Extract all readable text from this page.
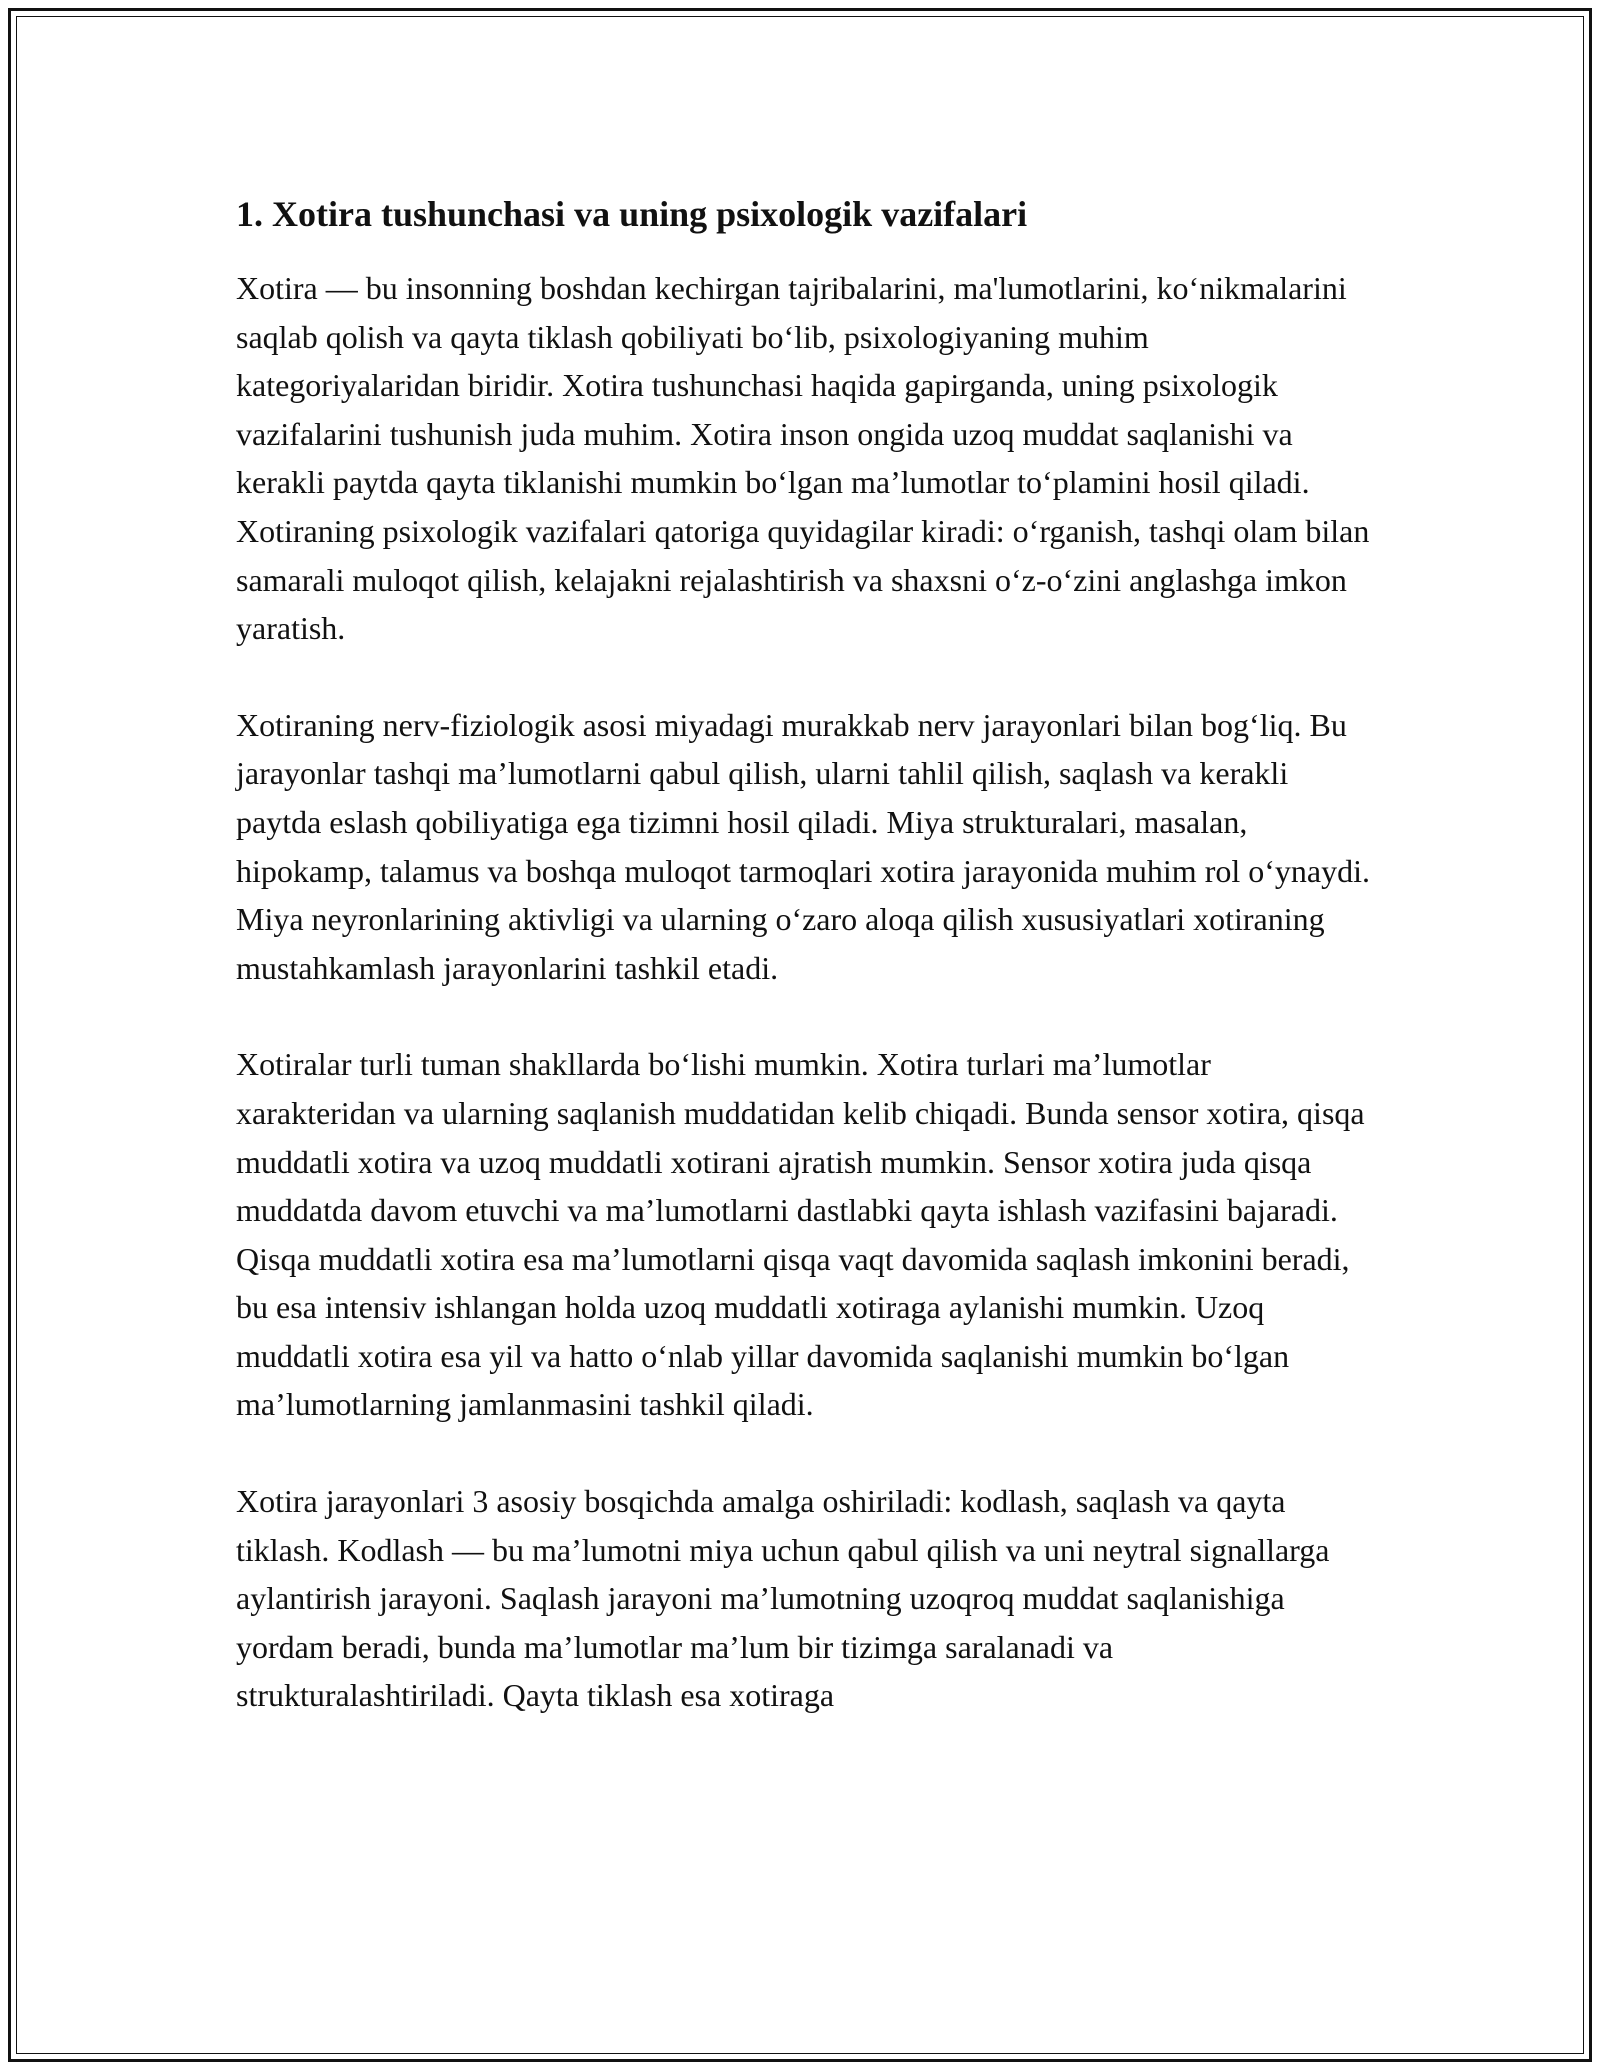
1. Xotira tushunchasi va uning psixologik vazifalari

Xotira — bu insonning boshdan kechirgan tajribalarini, ma'lumotlarini, ko‘nikmalarini saqlab qolish va qayta tiklash qobiliyati bo‘lib, psixologiyaning muhim kategoriyalaridan biridir. Xotira tushunchasi haqida gapirganda, uning psixologik vazifalarini tushunish juda muhim. Xotira inson ongida uzoq muddat saqlanishi va kerakli paytda qayta tiklanishi mumkin bo‘lgan ma’lumotlar to‘plamini hosil qiladi. Xotiraning psixologik vazifalari qatoriga quyidagilar kiradi: o‘rganish, tashqi olam bilan samarali muloqot qilish, kelajakni rejalashtirish va shaxsni o‘z-o‘zini anglashga imkon yaratish.

Xotiraning nerv-fiziologik asosi miyadagi murakkab nerv jarayonlari bilan bog‘liq. Bu jarayonlar tashqi ma’lumotlarni qabul qilish, ularni tahlil qilish, saqlash va kerakli paytda eslash qobiliyatiga ega tizimni hosil qiladi. Miya strukturalari, masalan, hipokamp, talamus va boshqa muloqot tarmoqlari xotira jarayonida muhim rol o‘ynaydi. Miya neyronlarining aktivligi va ularning o‘zaro aloqa qilish xususiyatlari xotiraning mustahkamlash jarayonlarini tashkil etadi.

Xotiralar turli tuman shakllarda bo‘lishi mumkin. Xotira turlari ma’lumotlar xarakteridan va ularning saqlanish muddatidan kelib chiqadi. Bunda sensor xotira, qisqa muddatli xotira va uzoq muddatli xotirani ajratish mumkin. Sensor xotira juda qisqa muddatda davom etuvchi va ma’lumotlarni dastlabki qayta ishlash vazifasini bajaradi. Qisqa muddatli xotira esa ma’lumotlarni qisqa vaqt davomida saqlash imkonini beradi, bu esa intensiv ishlangan holda uzoq muddatli xotiraga aylanishi mumkin. Uzoq muddatli xotira esa yil va hatto o‘nlab yillar davomida saqlanishi mumkin bo‘lgan ma’lumotlarning jamlanmasini tashkil qiladi.

Xotira jarayonlari 3 asosiy bosqichda amalga oshiriladi: kodlash, saqlash va qayta tiklash. Kodlash — bu ma’lumotni miya uchun qabul qilish va uni neytral signallarga aylantirish jarayoni. Saqlash jarayoni ma’lumotning uzoqroq muddat saqlanishiga yordam beradi, bunda ma’lumotlar ma’lum bir tizimga saralanadi va strukturalashtiriladi. Qayta tiklash esa xotiraga
